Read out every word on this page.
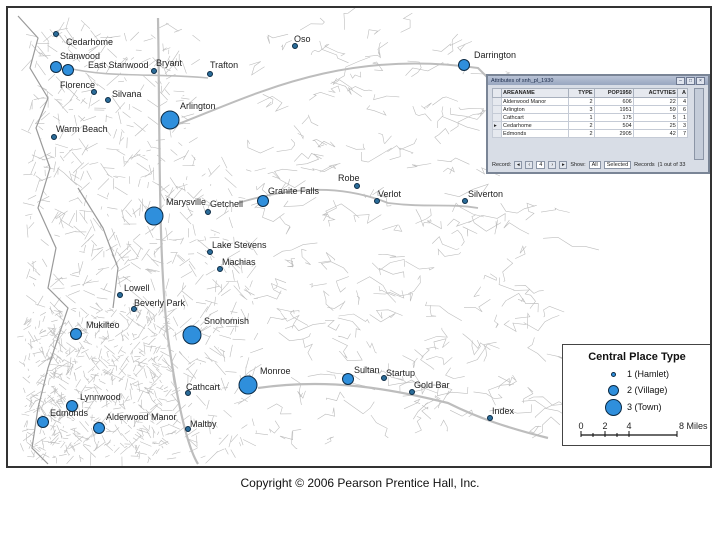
Cedarhome
Stanwood
East Stanwood Bryant	Trafton
Oso
Darrington
Florence
Silvana
Arlington
Warm Beach
Robe
Verlot	Silverton
Granite Falls
Marysville Getchell
Lake Stevens
Machias
Lowell
Beverly Park
Mukilteo	Snohomish
Monroe	Sultan Startup
Gold Bar
Cathcart
Lynnwood
Edmonds Alderwood Manor
Maltby
Index
Attributes of snh_pl_1930	–	□	×
	AREANAME	TYPE	POP1950	ACTVTIES	A
	Alderwood Manor	2	606	22	4
	Arlington	3	1951	59	6
	Cathcart	1	175	5	1
▸	Cedarhome	2	504	25	3
	Edmonds	2	2905	42	7
Record:	◂	‹	4	›	▸	Show:	All	Selected	Records (1 out of 33
Central Place Type
1 (Hamlet)
2 (Village)
3 (Town)
0 2 4	8 Miles
Copyright © 2006 Pearson Prentice Hall, Inc.
